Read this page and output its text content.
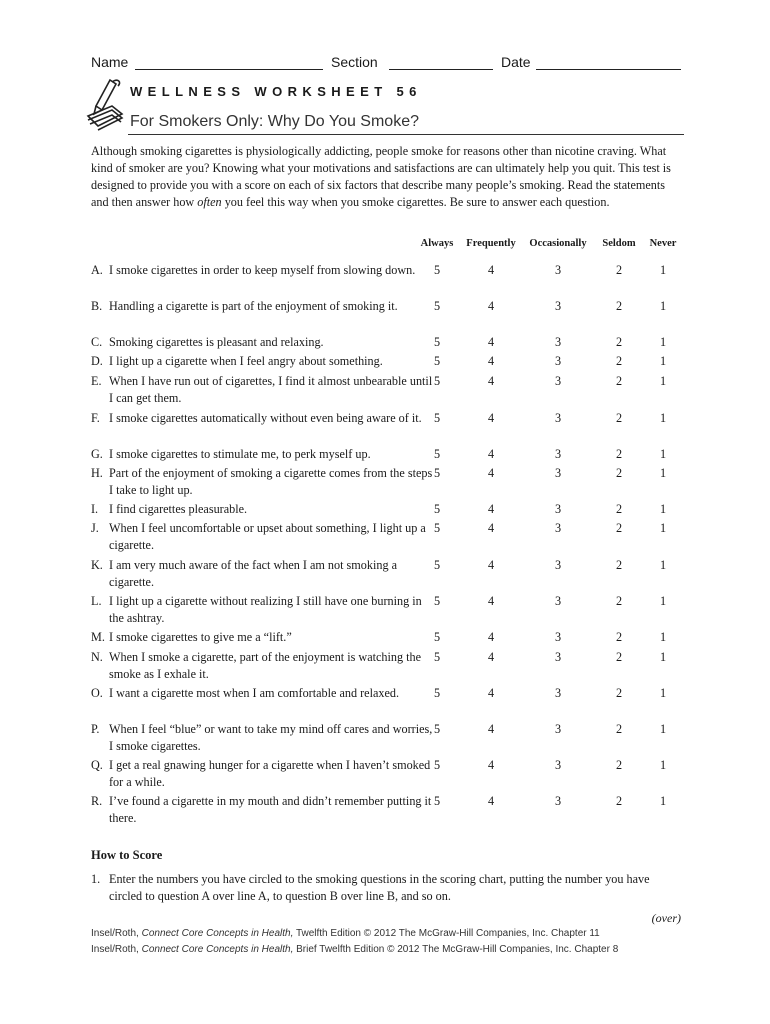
Name	Section	Date
WELLNESS WORKSHEET 56
For Smokers Only: Why Do You Smoke?
Although smoking cigarettes is physiologically addicting, people smoke for reasons other than nicotine craving. What kind of smoker are you? Knowing what your motivations and satisfactions are can ultimately help you quit. This test is designed to provide you with a score on each of six factors that describe many people’s smoking. Read the statements and then answer how often you feel this way when you smoke cigarettes. Be sure to answer each question.
Always Frequently Occasionally Seldom Never
A. I smoke cigarettes in order to keep myself from slowing down.	5	4	3	2	1
B. Handling a cigarette is part of the enjoyment of smoking it.	5	4	3	2	1
C. Smoking cigarettes is pleasant and relaxing.	5	4	3	2	1
D. I light up a cigarette when I feel angry about something.	5	4	3	2	1
E. When I have run out of cigarettes, I find it almost unbearable until I can get them.
5	4	3	2	1
F. I smoke cigarettes automatically without even being aware of it.	5	4	3	2	1
G. I smoke cigarettes to stimulate me, to perk myself up.	5	4	3	2	1
H. Part of the enjoyment of smoking a cigarette comes from the steps I take to light up.
5	4	3	2	1
I. I find cigarettes pleasurable.	5	4	3	2	1
J. When I feel uncomfortable or upset about something, I light up a cigarette.
5	4	3	2	1
K. I am very much aware of the fact when I am not smoking a cigarette.
5	4	3	2	1
L. I light up a cigarette without realizing I still have one burning in the ashtray.
5	4	3	2	1
M. I smoke cigarettes to give me a “lift.”	5	4	3	2	1
N. When I smoke a cigarette, part of the enjoyment is watching the smoke as I exhale it.
5	4	3	2	1
O. I want a cigarette most when I am comfortable and relaxed.	5	4	3	2	1
P. When I feel “blue” or want to take my mind off cares and worries, I smoke cigarettes.
5	4	3	2	1
Q. I get a real gnawing hunger for a cigarette when I haven’t smoked for a while.
5	4	3	2	1
R. I’ve found a cigarette in my mouth and didn’t remember putting it there.
5	4	3	2	1
How to Score
1. Enter the numbers you have circled to the smoking questions in the scoring chart, putting the number you have circled to question A over line A, to question B over line B, and so on.
(over)
Insel/Roth, Connect Core Concepts in Health, Twelfth Edition © 2012 The McGraw-Hill Companies, Inc. Chapter 11
Insel/Roth, Connect Core Concepts in Health, Brief Twelfth Edition © 2012 The McGraw-Hill Companies, Inc. Chapter 8
